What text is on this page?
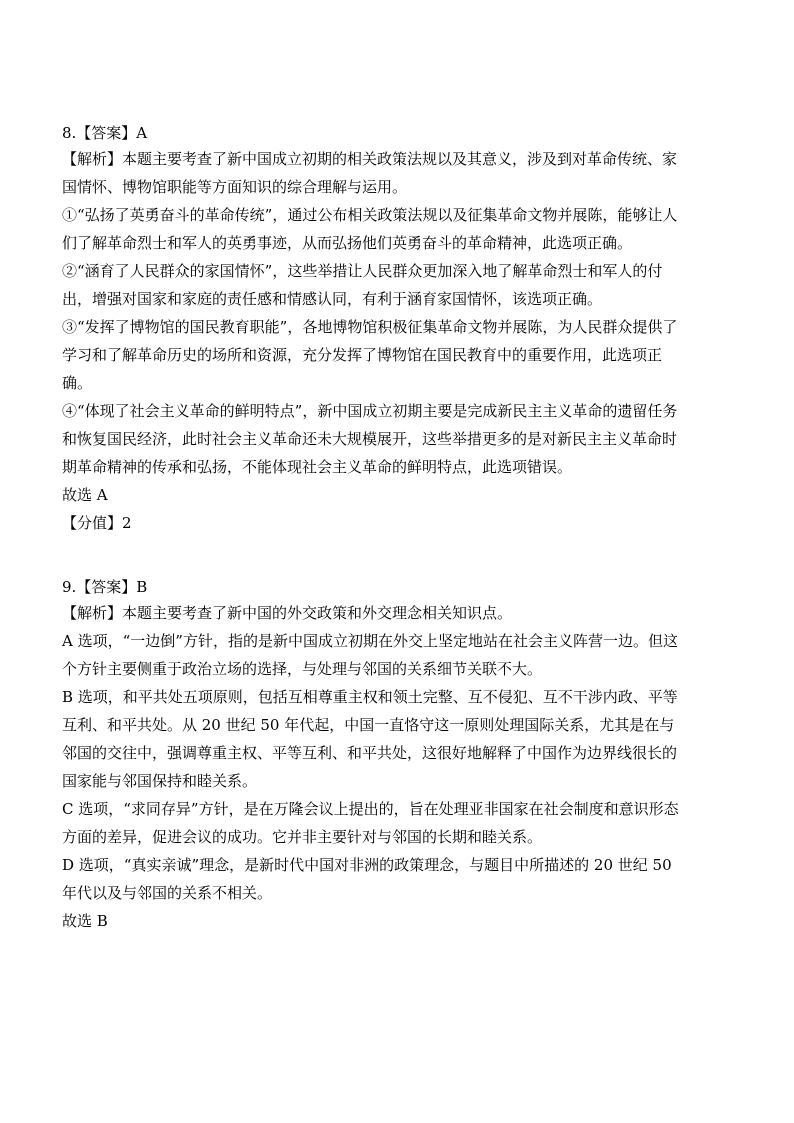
8.【答案】A
【解析】本题主要考查了新中国成立初期的相关政策法规以及其意义，涉及到对革命传统、家
国情怀、博物馆职能等方面知识的综合理解与运用。
①“弘扬了英勇奋斗的革命传统”，通过公布相关政策法规以及征集革命文物并展陈，能够让人
们了解革命烈士和军人的英勇事迹，从而弘扬他们英勇奋斗的革命精神，此选项正确。
②“涵育了人民群众的家国情怀”，这些举措让人民群众更加深入地了解革命烈士和军人的付
出，增强对国家和家庭的责任感和情感认同，有利于涵育家国情怀，该选项正确。
③“发挥了博物馆的国民教育职能”，各地博物馆积极征集革命文物并展陈，为人民群众提供了
学习和了解革命历史的场所和资源，充分发挥了博物馆在国民教育中的重要作用，此选项正
确。
④“体现了社会主义革命的鲜明特点”，新中国成立初期主要是完成新民主主义革命的遗留任务
和恢复国民经济，此时社会主义革命还未大规模展开，这些举措更多的是对新民主主义革命时
期革命精神的传承和弘扬，不能体现社会主义革命的鲜明特点，此选项错误。
故选 A
【分值】2
9.【答案】B
【解析】本题主要考查了新中国的外交政策和外交理念相关知识点。
A 选项，“一边倒”方针，指的是新中国成立初期在外交上坚定地站在社会主义阵营一边。但这
个方针主要侧重于政治立场的选择，与处理与邻国的关系细节关联不大。
B 选项，和平共处五项原则，包括互相尊重主权和领土完整、互不侵犯、互不干涉内政、平等
互利、和平共处。从 20 世纪 50 年代起，中国一直恪守这一原则处理国际关系，尤其是在与
邻国的交往中，强调尊重主权、平等互利、和平共处，这很好地解释了中国作为边界线很长的
国家能与邻国保持和睦关系。
C 选项，“求同存异”方针，是在万隆会议上提出的，旨在处理亚非国家在社会制度和意识形态
方面的差异，促进会议的成功。它并非主要针对与邻国的长期和睦关系。
D 选项，“真实亲诚”理念，是新时代中国对非洲的政策理念，与题目中所描述的 20 世纪 50
年代以及与邻国的关系不相关。
故选 B
